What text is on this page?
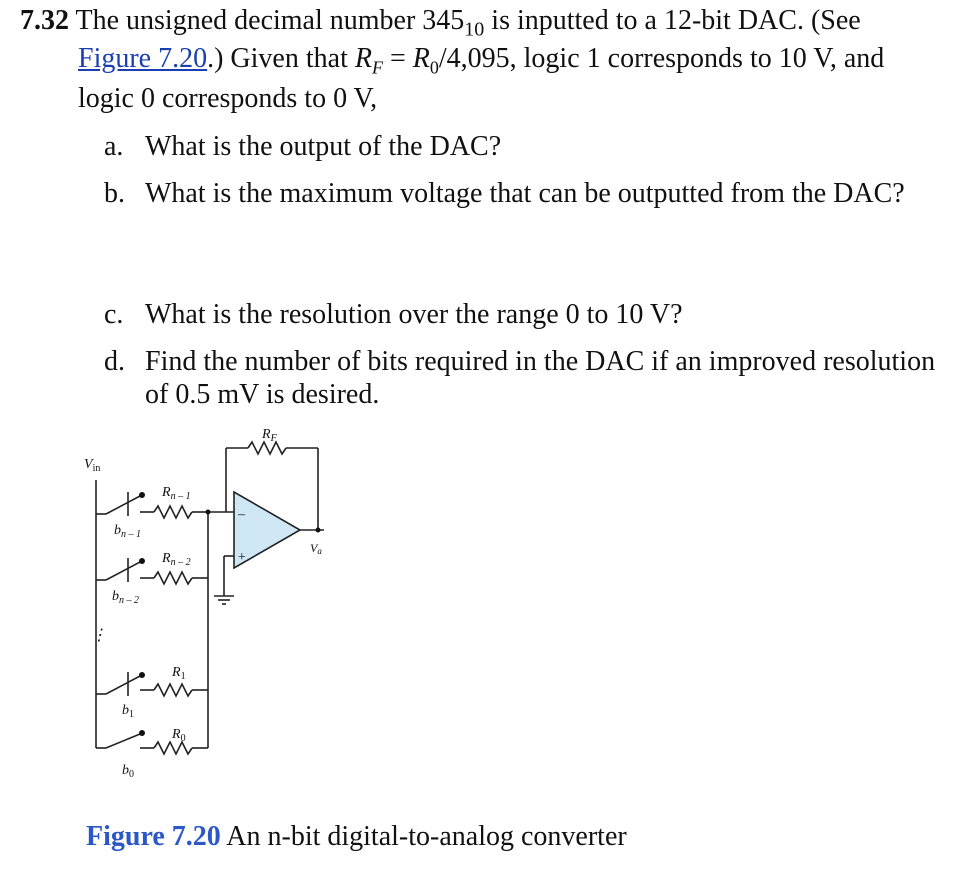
7.32 The unsigned decimal number $345_{10}$ is inputted to a 12-bit DAC. (See
Figure 7.20.) Given that $R_F = R_0/4,095$, logic 1 corresponds to 10 V, and
logic 0 corresponds to 0 V,
a. What is the output of the DAC?
b. What is the maximum voltage that can be outputted from the DAC?
c. What is the resolution over the range 0 to 10 V?
d. Find the number of bits required in the DAC if an improved resolution
of 0.5 mV is desired.
$R_F$
$V_{in}$
$R_{n - 1}$
$b_{n - 1}$
$R_{n - 2}$
$b_{n - 2}$
⋮
$R_1$
$b_1$
$R_0$
$b_0$
Va
–
+
Figure 7.20 An n-bit digital-to-analog converter
